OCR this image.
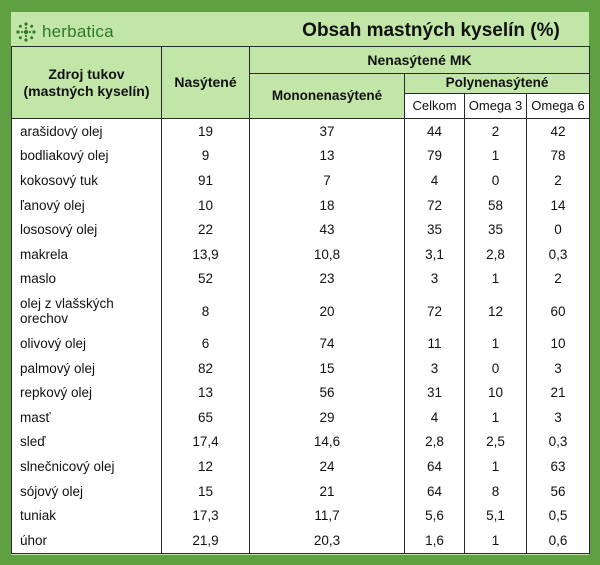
herbatica	Obsah mastných kyselín (%)
Zdroj tukov (mastných kyselín)	Nasýtené	Nenasýtené MK			
		Mononenasýtené	Polynenasýtené		
			Celkom	Omega 3	Omega 6
arašidový olej	19	37	44	2	42
bodliakový olej	9	13	79	1	78
kokosový tuk	91	7	4	0	2
ľanový olej	10	18	72	58	14
lososový olej	22	43	35	35	0
makrela	13,9	10,8	3,1	2,8	0,3
maslo	52	23	3	1	2
olej z vlašských orechov	8	20	72	12	60
olivový olej	6	74	11	1	10
palmový olej	82	15	3	0	3
repkový olej	13	56	31	10	21
masť	65	29	4	1	3
sleď	17,4	14,6	2,8	2,5	0,3
slnečnicový olej	12	24	64	1	63
sójový olej	15	21	64	8	56
tuniak	17,3	11,7	5,6	5,1	0,5
úhor	21,9	20,3	1,6	1	0,6
